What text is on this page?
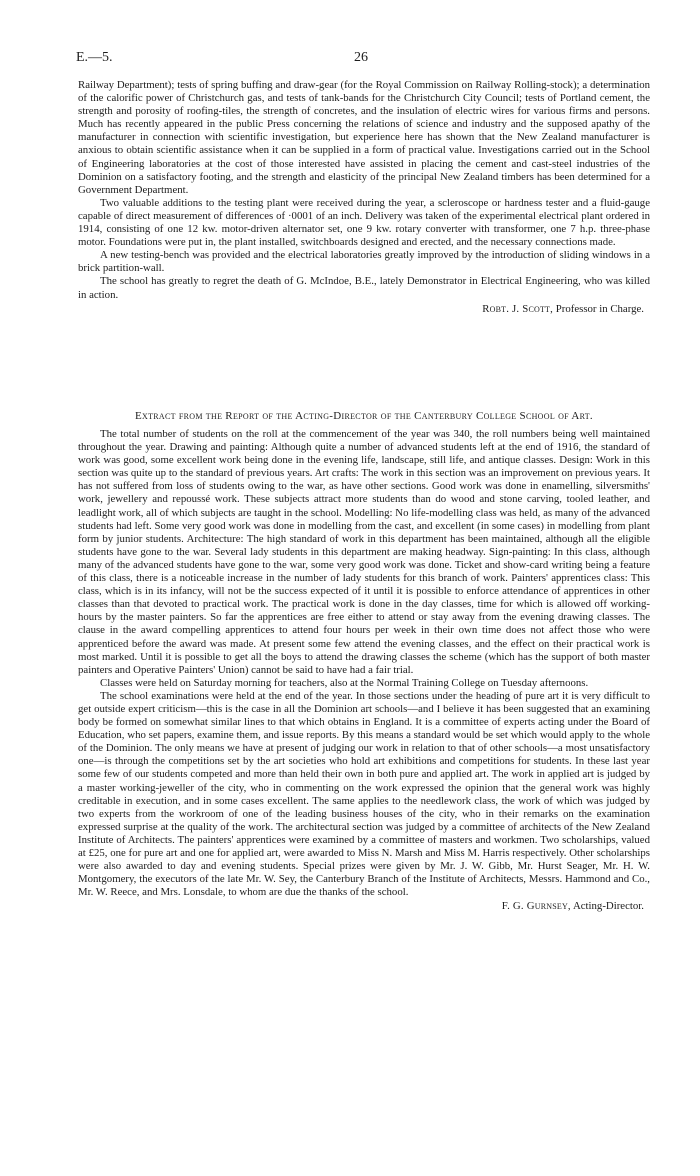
E.—5.	26

Railway Department); tests of spring buffing and draw-gear (for the Royal Commission on Railway Rolling-stock); a determination of the calorific power of Christchurch gas, and tests of tank-bands for the Christchurch City Council; tests of Portland cement, the strength and porosity of roofing-tiles, the strength of concretes, and the insulation of electric wires for various firms and persons. Much has recently appeared in the public Press concerning the relations of science and industry and the supposed apathy of the manufacturer in connection with scientific investigation, but experience here has shown that the New Zealand manufacturer is anxious to obtain scientific assistance when it can be supplied in a form of practical value. Investigations carried out in the School of Engineering laboratories at the cost of those interested have assisted in placing the cement and cast-steel industries of the Dominion on a satisfactory footing, and the strength and elasticity of the principal New Zealand timbers has been determined for a Government Department.

Two valuable additions to the testing plant were received during the year, a scleroscope or hardness tester and a fluid-gauge capable of direct measurement of differences of ·0001 of an inch. Delivery was taken of the experimental electrical plant ordered in 1914, consisting of one 12 kw. motor-driven alternator set, one 9 kw. rotary converter with transformer, one 7 h.p. three-phase motor. Foundations were put in, the plant installed, switchboards designed and erected, and the necessary connections made.

A new testing-bench was provided and the electrical laboratories greatly improved by the introduction of sliding windows in a brick partition-wall.

The school has greatly to regret the death of G. McIndoe, B.E., lately Demonstrator in Electrical Engineering, who was killed in action.

Robt. J. Scott, Professor in Charge.
Extract from the Report of the Acting-Director of the Canterbury College School of Art.

The total number of students on the roll at the commencement of the year was 340, the roll numbers being well maintained throughout the year. Drawing and painting: Although quite a number of advanced students left at the end of 1916, the standard of work was good, some excellent work being done in the evening life, landscape, still life, and antique classes. Design: Work in this section was quite up to the standard of previous years. Art crafts: The work in this section was an improvement on previous years. It has not suffered from loss of students owing to the war, as have other sections. Good work was done in enamelling, silversmiths' work, jewellery and repoussé work. These subjects attract more students than do wood and stone carving, tooled leather, and leadlight work, all of which subjects are taught in the school. Modelling: No life-modelling class was held, as many of the advanced students had left. Some very good work was done in modelling from the cast, and excellent (in some cases) in modelling from plant form by junior students. Architecture: The high standard of work in this department has been maintained, although all the eligible students have gone to the war. Several lady students in this department are making headway. Sign-painting: In this class, although many of the advanced students have gone to the war, some very good work was done. Ticket and show-card writing being a feature of this class, there is a noticeable increase in the number of lady students for this branch of work. Painters' apprentices class: This class, which is in its infancy, will not be the success expected of it until it is possible to enforce attendance of apprentices in other classes than that devoted to practical work. The practical work is done in the day classes, time for which is allowed off working-hours by the master painters. So far the apprentices are free either to attend or stay away from the evening drawing classes. The clause in the award compelling apprentices to attend four hours per week in their own time does not affect those who were apprenticed before the award was made. At present some few attend the evening classes, and the effect on their practical work is most marked. Until it is possible to get all the boys to attend the drawing classes the scheme (which has the support of both master painters and Operative Painters' Union) cannot be said to have had a fair trial.

Classes were held on Saturday morning for teachers, also at the Normal Training College on Tuesday afternoons.

The school examinations were held at the end of the year. In those sections under the heading of pure art it is very difficult to get outside expert criticism—this is the case in all the Dominion art schools—and I believe it has been suggested that an examining body be formed on somewhat similar lines to that which obtains in England. It is a committee of experts acting under the Board of Education, who set papers, examine them, and issue reports. By this means a standard would be set which would apply to the whole of the Dominion. The only means we have at present of judging our work in relation to that of other schools—a most unsatisfactory one—is through the competitions set by the art societies who hold art exhibitions and competitions for students. In these last year some few of our students competed and more than held their own in both pure and applied art. The work in applied art is judged by a master working-jeweller of the city, who in commenting on the work expressed the opinion that the general work was highly creditable in execution, and in some cases excellent. The same applies to the needlework class, the work of which was judged by two experts from the workroom of one of the leading business houses of the city, who in their remarks on the examination expressed surprise at the quality of the work. The architectural section was judged by a committee of architects of the New Zealand Institute of Architects. The painters' apprentices were examined by a committee of masters and workmen. Two scholarships, valued at £25, one for pure art and one for applied art, were awarded to Miss N. Marsh and Miss M. Harris respectively. Other scholarships were also awarded to day and evening students. Special prizes were given by Mr. J. W. Gibb, Mr. Hurst Seager, Mr. H. W. Montgomery, the executors of the late Mr. W. Sey, the Canterbury Branch of the Institute of Architects, Messrs. Hammond and Co., Mr. W. Reece, and Mrs. Lonsdale, to whom are due the thanks of the school.

F. G. Gurnsey, Acting-Director.
